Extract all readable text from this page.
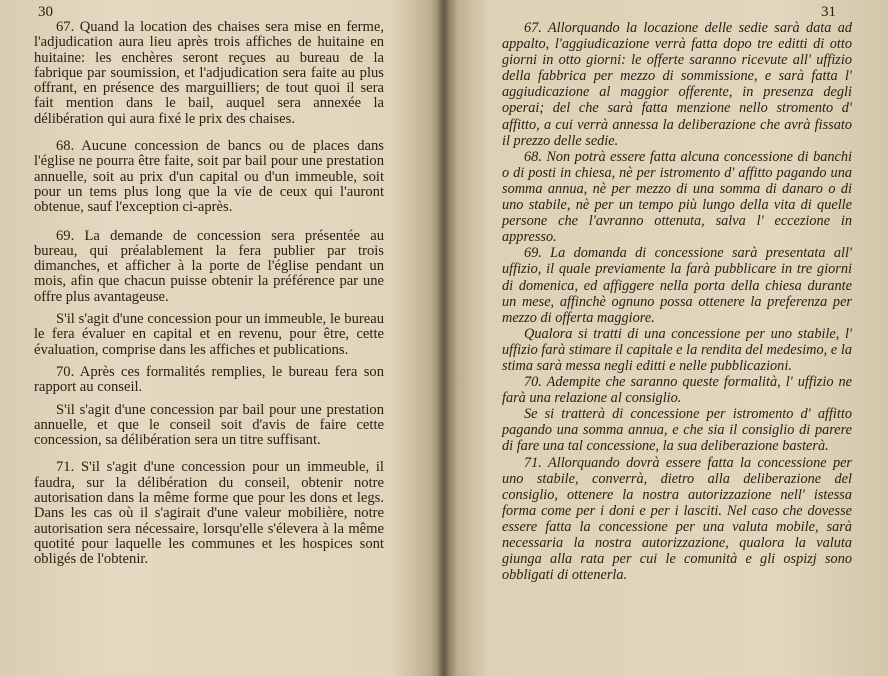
30

67. Quand la location des chaises sera mise en ferme, l'adjudication aura lieu après trois affiches de huitaine en huitaine: les enchères seront reçues au bureau de la fabrique par soumission, et l'adjudication sera faite au plus offrant, en présence des marguilliers; de tout quoi il sera fait mention dans le bail, auquel sera annexée la délibération qui aura fixé le prix des chaises.

68. Aucune concession de bancs ou de places dans l'église ne pourra être faite, soit par bail pour une prestation annuelle, soit au prix d'un capital ou d'un immeuble, soit pour un tems plus long que la vie de ceux qui l'auront obtenue, sauf l'exception ci-après.

69. La demande de concession sera présentée au bureau, qui préalablement la fera publier par trois dimanches, et afficher à la porte de l'église pendant un mois, afin que chacun puisse obtenir la préférence par une offre plus avantageuse.

S'il s'agit d'une concession pour un immeuble, le bureau le fera évaluer en capital et en revenu, pour être, cette évaluation, comprise dans les affiches et publications.

70. Après ces formalités remplies, le bureau fera son rapport au conseil.

S'il s'agit d'une concession par bail pour une prestation annuelle, et que le conseil soit d'avis de faire cette concession, sa délibération sera un titre suffisant.

71. S'il s'agit d'une concession pour un immeuble, il faudra, sur la délibération du conseil, obtenir notre autorisation dans la même forme que pour les dons et legs. Dans les cas où il s'agirait d'une valeur mobilière, notre autorisation sera nécessaire, lorsqu'elle s'élevera à la même quotité pour laquelle les communes et les hospices sont obligés de l'obtenir.

31

67. Allorquando la locazione delle sedie sarà data ad appalto, l'aggiudicazione verrà fatta dopo tre editti di otto giorni in otto giorni: le offerte saranno ricevute all' uffizio della fabbrica per mezzo di sommissione, e sarà fatta l' aggiudicazione al maggior offerente, in presenza degli operai; del che sarà fatta menzione nello stromento d' affitto, a cui verrà annessa la deliberazione che avrà fissato il prezzo delle sedie.

68. Non potrà essere fatta alcuna concessione di banchi o di posti in chiesa, nè per istromento d' affitto pagando una somma annua, nè per mezzo di una somma di danaro o di uno stabile, nè per un tempo più lungo della vita di quelle persone che l'avranno ottenuta, salva l' eccezione in appresso.

69. La domanda di concessione sarà presentata all' uffizio, il quale previamente la farà pubblicare in tre giorni di domenica, ed affiggere nella porta della chiesa durante un mese, affinchè ognuno possa ottenere la preferenza per mezzo di offerta maggiore.

Qualora si tratti di una concessione per uno stabile, l' uffizio farà stimare il capitale e la rendita del medesimo, e la stima sarà messa negli editti e nelle pubblicazioni.

70. Adempite che saranno queste formalità, l' uffizio ne farà una relazione al consiglio.

Se si tratterà di concessione per istromento d' affitto pagando una somma annua, e che sia il consiglio di parere di fare una tal concessione, la sua deliberazione basterà.

71. Allorquando dovrà essere fatta la concessione per uno stabile, converrà, dietro alla deliberazione del consiglio, ottenere la nostra autorizzazione nell' istessa forma come per i doni e per i lasciti. Nel caso che dovesse essere fatta la concessione per una valuta mobile, sarà necessaria la nostra autorizzazione, qualora la valuta giunga alla rata per cui le comunità e gli ospizj sono obbligati di ottenerla.
